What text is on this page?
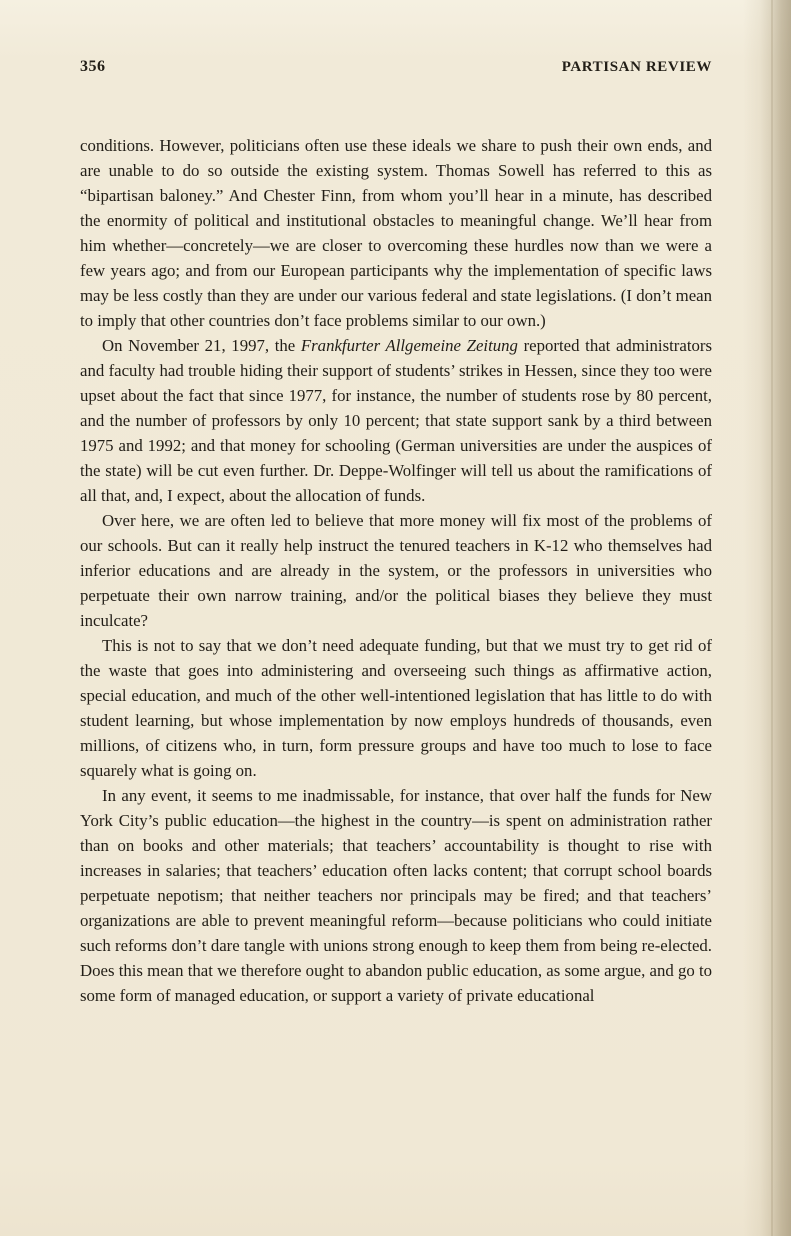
356	PARTISAN REVIEW

conditions. However, politicians often use these ideals we share to push their own ends, and are unable to do so outside the existing system. Thomas Sowell has referred to this as “bipartisan baloney.” And Chester Finn, from whom you’ll hear in a minute, has described the enormity of political and institutional obstacles to meaningful change. We’ll hear from him whether—concretely—we are closer to overcoming these hurdles now than we were a few years ago; and from our European participants why the implementation of specific laws may be less costly than they are under our various federal and state legislations. (I don’t mean to imply that other countries don’t face problems similar to our own.)

On November 21, 1997, the Frankfurter Allgemeine Zeitung reported that administrators and faculty had trouble hiding their support of students’ strikes in Hessen, since they too were upset about the fact that since 1977, for instance, the number of students rose by 80 percent, and the number of professors by only 10 percent; that state support sank by a third between 1975 and 1992; and that money for schooling (German universities are under the auspices of the state) will be cut even further. Dr. Deppe-Wolfinger will tell us about the ramifications of all that, and, I expect, about the allocation of funds.

Over here, we are often led to believe that more money will fix most of the problems of our schools. But can it really help instruct the tenured teachers in K-12 who themselves had inferior educations and are already in the system, or the professors in universities who perpetuate their own narrow training, and/or the political biases they believe they must inculcate?

This is not to say that we don’t need adequate funding, but that we must try to get rid of the waste that goes into administering and overseeing such things as affirmative action, special education, and much of the other well-intentioned legislation that has little to do with student learning, but whose implementation by now employs hundreds of thousands, even millions, of citizens who, in turn, form pressure groups and have too much to lose to face squarely what is going on.

In any event, it seems to me inadmissable, for instance, that over half the funds for New York City’s public education—the highest in the country—is spent on administration rather than on books and other materials; that teachers’ accountability is thought to rise with increases in salaries; that teachers’ education often lacks content; that corrupt school boards perpetuate nepotism; that neither teachers nor principals may be fired; and that teachers’ organizations are able to prevent meaningful reform—because politicians who could initiate such reforms don’t dare tangle with unions strong enough to keep them from being re-elected. Does this mean that we therefore ought to abandon public education, as some argue, and go to some form of managed education, or support a variety of private educational
